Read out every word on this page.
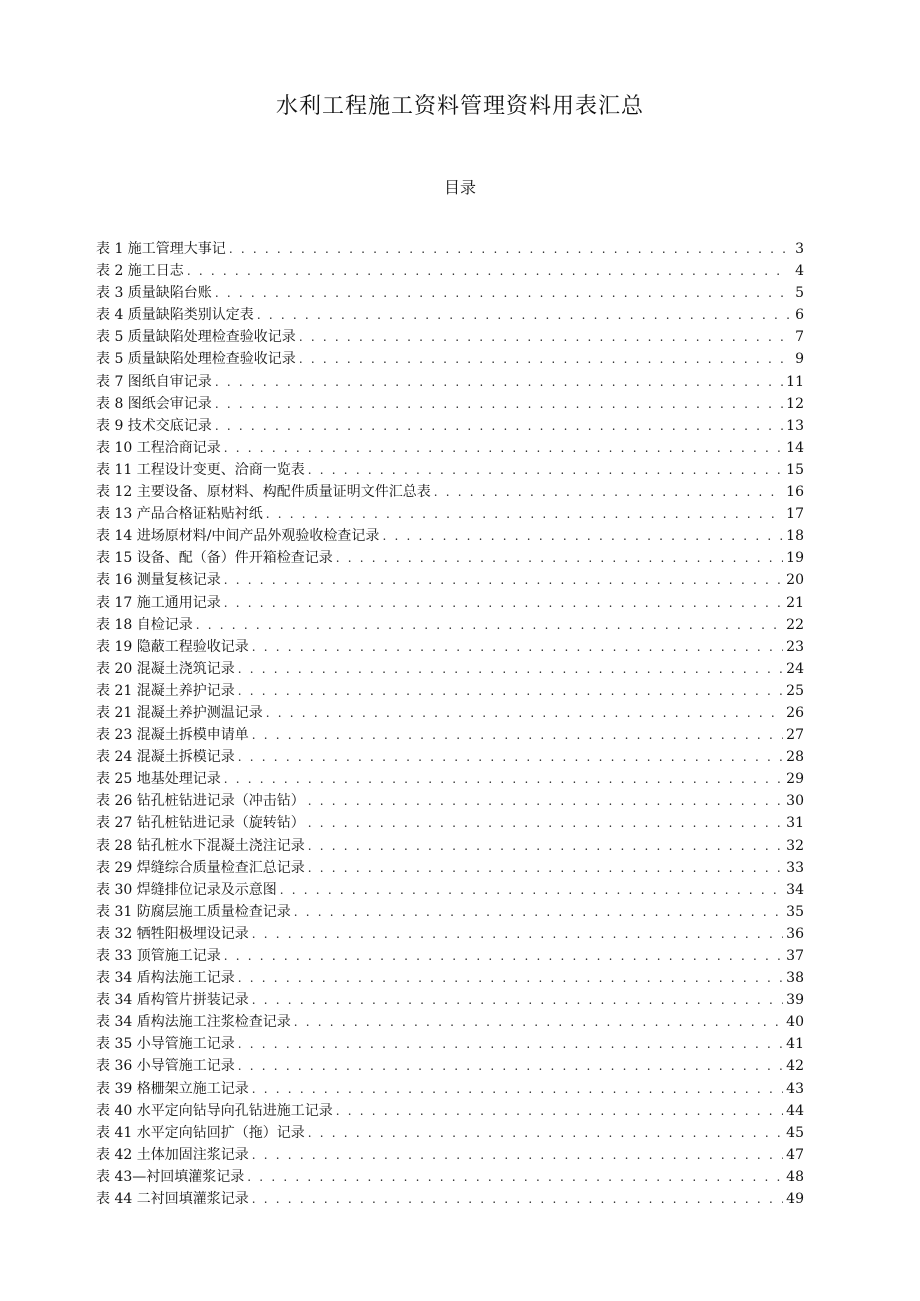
水利工程施工资料管理资料用表汇总
目录
表 1 施工管理大事记 . . .	3
表 2 施工日志 . . .	4
表 3 质量缺陷台账 . . .	5
表 4 质量缺陷类别认定表 . . .	6
表 5 质量缺陷处理检查验收记录 . . .	7
表 5 质量缺陷处理检查验收记录 . . .	9
表 7 图纸自审记录 . . .	11
表 8 图纸会审记录 . . .	12
表 9 技术交底记录 . . .	13
表 10 工程洽商记录 . . .	14
表 11 工程设计变更、洽商一览表 . . .	15
表 12 主要设备、原材料、构配件质量证明文件汇总表 . . .	16
表 13 产品合格证粘贴衬纸 . . .	17
表 14 进场原材料/中间产品外观验收检查记录 . . .	18
表 15 设备、配（备）件开箱检查记录 . . .	19
表 16 测量复核记录 . . .	20
表 17 施工通用记录 . . .	21
表 18 自检记录 . . .	22
表 19 隐蔽工程验收记录 . . .	23
表 20 混凝土浇筑记录 . . .	24
表 21 混凝土养护记录 . . .	25
表 21 混凝土养护测温记录 . . .	26
表 23 混凝土拆模申请单 . . .	27
表 24 混凝土拆模记录 . . .	28
表 25 地基处理记录 . . .	29
表 26 钻孔桩钻进记录（冲击钻） . . .	30
表 27 钻孔桩钻进记录（旋转钻） . . .	31
表 28 钻孔桩水下混凝土浇注记录 . . .	32
表 29 焊缝综合质量检查汇总记录 . . .	33
表 30 焊缝排位记录及示意图 . . .	34
表 31 防腐层施工质量检查记录 . . .	35
表 32 牺牲阳极埋设记录 . . .	36
表 33 顶管施工记录 . . .	37
表 34 盾构法施工记录 . . .	38
表 34 盾构管片拼装记录 . . .	39
表 34 盾构法施工注浆检查记录 . . .	40
表 35 小导管施工记录 . . .	41
表 36 小导管施工记录 . . .	42
表 39 格栅架立施工记录 . . .	43
表 40 水平定向钻导向孔钻进施工记录 . . .	44
表 41 水平定向钻回扩（拖）记录 . . .	45
表 42 土体加固注浆记录 . . .	47
表 43—衬回填灌浆记录 . . .	48
表 44 二衬回填灌浆记录 . . .	49
